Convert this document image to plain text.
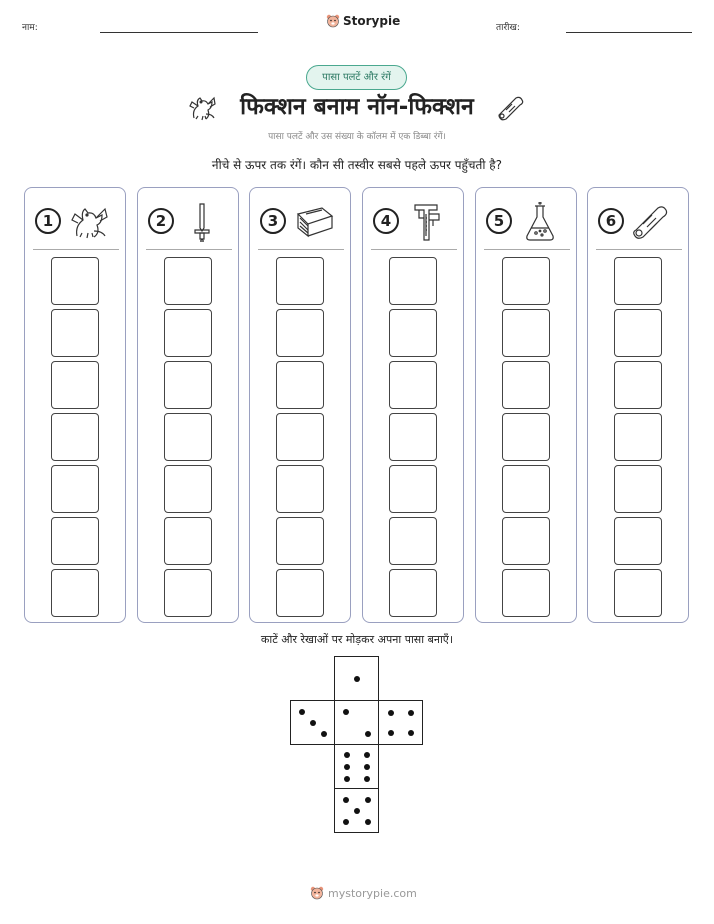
नाम:	Storypie	तारीख:
पासा पलटें और रंगें
फिक्शन बनाम नॉन-फिक्शन
पासा पलटें और उस संख्या के कॉलम में एक डिब्बा रंगें।
नीचे से ऊपर तक रंगें। कौन सी तस्वीर सबसे पहले ऊपर पहुँचती है?
1	2	3	4	5	6
काटें और रेखाओं पर मोड़कर अपना पासा बनाएँ।
mystorypie.com
